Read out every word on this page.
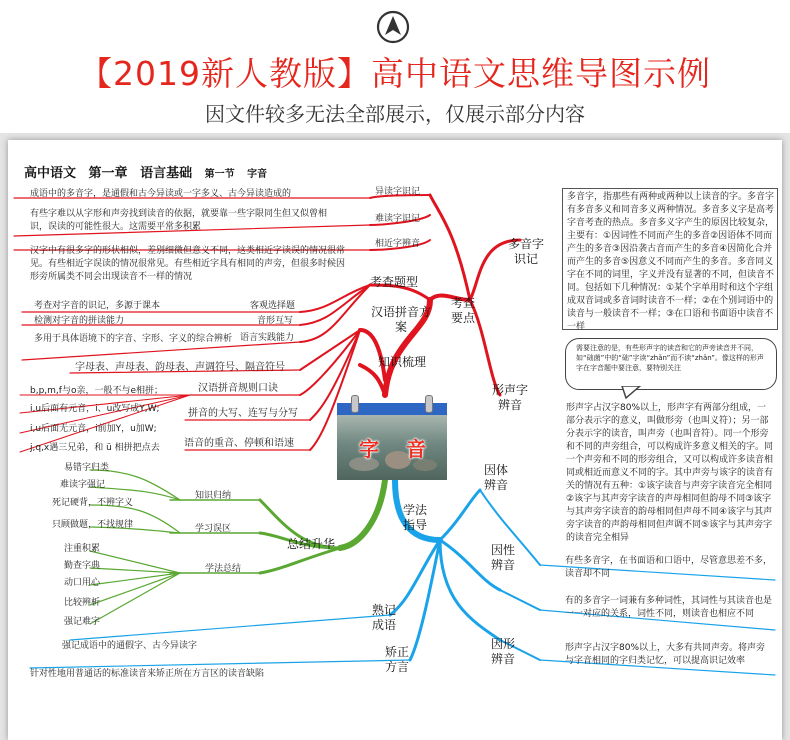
【2019新人教版】高中语文思维导图示例
因文件较多无法全部展示，仅展示部分内容
高中语文 第一章 语言基础 第一节 字音
成语中的多音字，是通假和古今异读或一字多义、古今异读造成的
有些字难以从字形和声旁找到读音的依据，就要靠一些字限同生但又似曾相识，误读的可能性很大。这需要平常多积累
汉字中有很多字的形状相似，差别细微但意义不同，这类相近字读误的情况很常见。有些相近字误读的情况很常见。有些相近字具有相同的声旁，但很多时候因形旁所属类不同会出现读音不一样的情况
异读字识记
难读字识记
相近字辨音
考查题型
客观选择题
音形互写
语言实践能力
考查对字音的识记，多源于课本
检测对字音的拼读能力
多用于具体语境下的字音、字形、字义的综合辨析
汉语拼音方案
考查要点
字母表、声母表、韵母表、声调符号、隔音符号
汉语拼音规则口诀
拼音的大写、连写与分写
语音的重音、停顿和语速
b,p,m,f与o亲，一般不与e相拼；
i,u后面有元音，i、u改写成Y,W;
i,u后面无元音，i前加Y，u加W;
j,q,x遇三兄弟，和 ü 相拼把点去
知识梳理
字 音
总结升华
知识归纳
学习误区
学法总结
易错字归类
难读字强记
死记硬背，不辨字义
只顾做题，不找规律
注重积累
勤查字典
动口用心
比较辨析
强记难字
多音字识记
多音字，指那些有两种或两种以上读音的字。多音字有多音多义和同音多义两种情况。多音多义字是高考字音考查的热点。多音多义字产生的原因比较复杂，主要有：①因词性不同而产生的多音②因语体不同而产生的多音③因沿袭古音而产生的多音④因简化合并而产生的多音⑤因意义不同而产生的多音。多音同义字在不同的词里，字义并没有显著的不同，但读音不同。包括如下几种情况：①某个字单用时和这个字组成双音词或多音词时读音不一样；②在个别词语中的读音与一般读音不一样；③在口语和书面语中读音不一样
需要注意的是，有些形声字的读音和它的声旁读音并不同，如“础菌”中的“础”字读“zhǎn”而不读“zhǎn”。像这样的形声字在字音题中要注意，要特别关注
形声字辨音	形声字占汉字80%以上，形声字有两部分组成，一部分表示字的意义，叫做形旁（也叫义符）；另一部分表示字的读音，叫声旁（也叫音符）。同一个形旁和不同的声旁组合，可以构成许多意义相关的字。同一个声旁和不同的形旁组合，又可以构成许多读音相同或相近而意义不同的字。其中声旁与该字的读音有关的情况有五种：①该字读音与声旁字读音完全相同②该字与其声旁字读音的声母相同但韵母不同③该字与其声旁字读音的韵母相同但声母不同④该字与其声旁字读音的声韵母相同但声调不同⑤该字与其声旁字的读音完全相异
学法指导
因体辨音
因性辨音
因形辨音
有些多音字，在书面语和口语中，尽管意思差不多，读音却不同
有的多音字一词兼有多种词性，其词性与其读音也是一一对应的关系，词性不同，则读音也相应不同
形声字占汉字80%以上，大多有共同声旁。将声旁与字音相同的字归类记忆，可以提高识记效率
熟记成语
强记成语中的通假字、古今异读字	矫正方言
针对性地用普通话的标准读音来矫正所在方言区的读音缺陷
